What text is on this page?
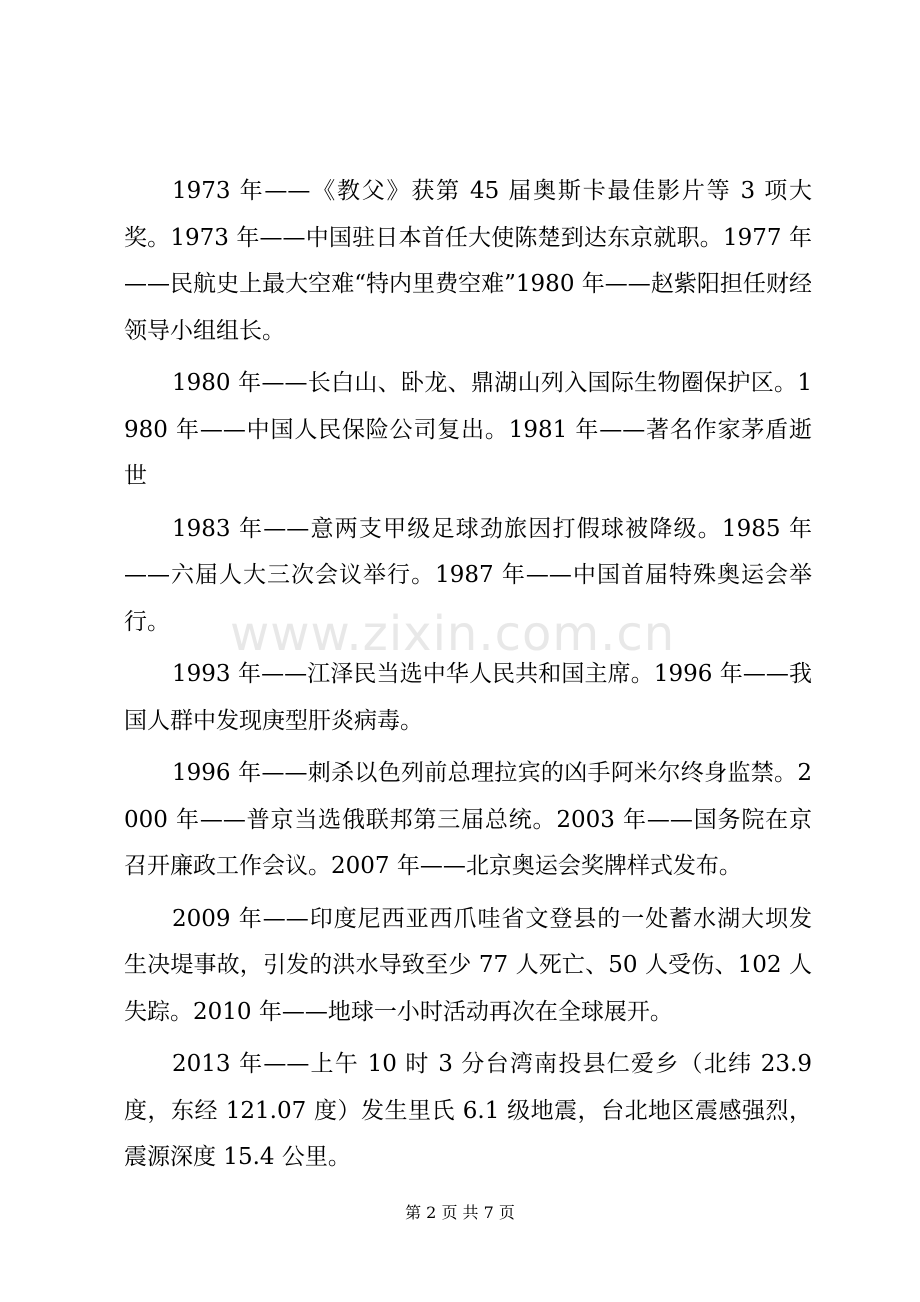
1973 年——《教父》获第 45 届奥斯卡最佳影片等 3 项大奖。1973 年——中国驻日本首任大使陈楚到达东京就职。1977 年——民航史上最大空难“特内里费空难”1980 年——赵紫阳担任财经领导小组组长。

1980 年——长白山、卧龙、鼎湖山列入国际生物圈保护区。1980 年——中国人民保险公司复出。1981 年——著名作家茅盾逝世

1983 年——意两支甲级足球劲旅因打假球被降级。1985 年——六届人大三次会议举行。1987 年——中国首届特殊奥运会举行。

1993 年——江泽民当选中华人民共和国主席。1996 年——我国人群中发现庚型肝炎病毒。

1996 年——刺杀以色列前总理拉宾的凶手阿米尔终身监禁。2000 年——普京当选俄联邦第三届总统。2003 年——国务院在京召开廉政工作会议。2007 年——北京奥运会奖牌样式发布。

2009 年——印度尼西亚西爪哇省文登县的一处蓄水湖大坝发生决堤事故，引发的洪水导致至少 77 人死亡、50 人受伤、102 人失踪。2010 年——地球一小时活动再次在全球展开。

2013 年——上午 10 时 3 分台湾南投县仁爱乡（北纬 23.9 度，东经 121.07 度）发生里氏 6.1 级地震，台北地区震感强烈，震源深度 15.4 公里。

www.zixin.com.cn
第 2 页 共 7 页
